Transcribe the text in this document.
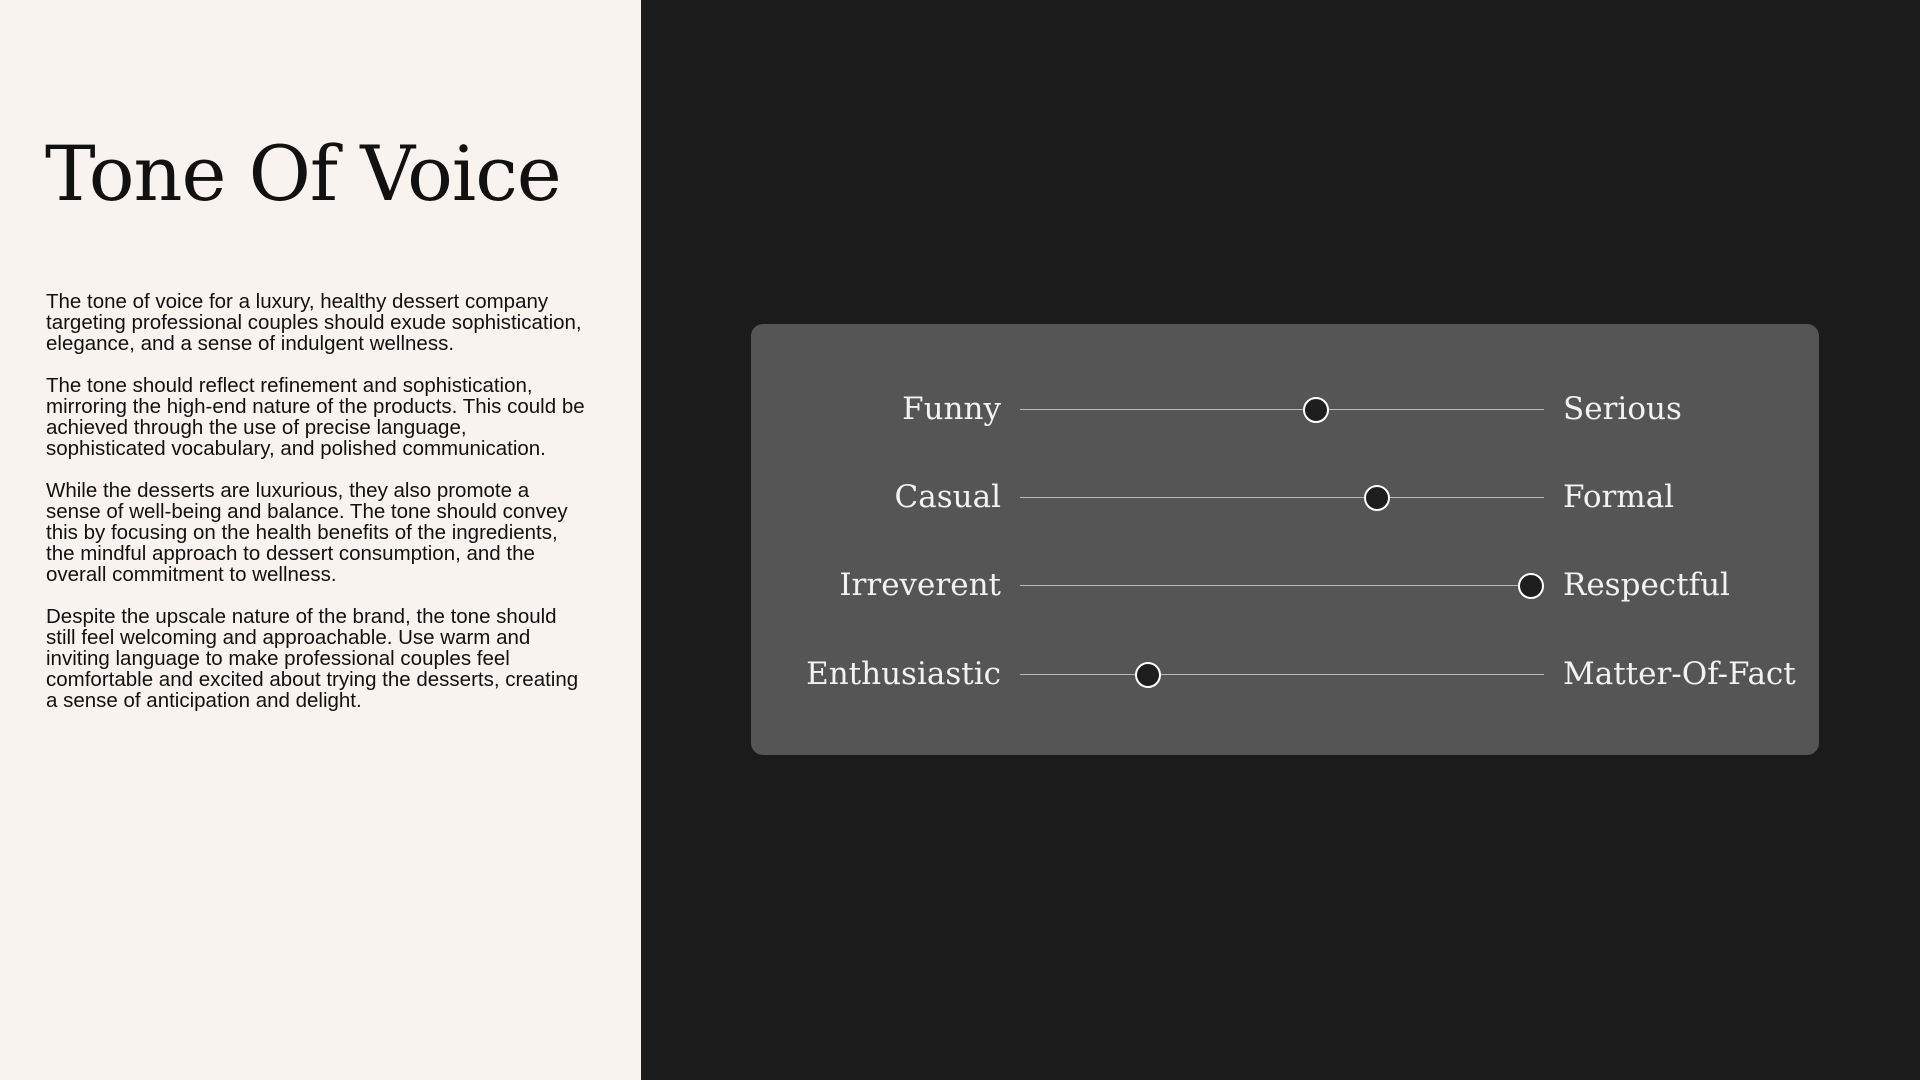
Tone Of Voice

The tone of voice for a luxury, healthy dessert company targeting professional couples should exude sophistication, elegance, and a sense of indulgent wellness.

The tone should reflect refinement and sophistication, mirroring the high-end nature of the products. This could be achieved through the use of precise language, sophisticated vocabulary, and polished communication.

While the desserts are luxurious, they also promote a sense of well-being and balance. The tone should convey this by focusing on the health benefits of the ingredients, the mindful approach to dessert consumption, and the overall commitment to wellness.

Despite the upscale nature of the brand, the tone should still feel welcoming and approachable. Use warm and inviting language to make professional couples feel comfortable and excited about trying the desserts, creating a sense of anticipation and delight.

Funny	Serious
Casual	Formal
Irreverent	Respectful
Enthusiastic	Matter-Of-Fact
